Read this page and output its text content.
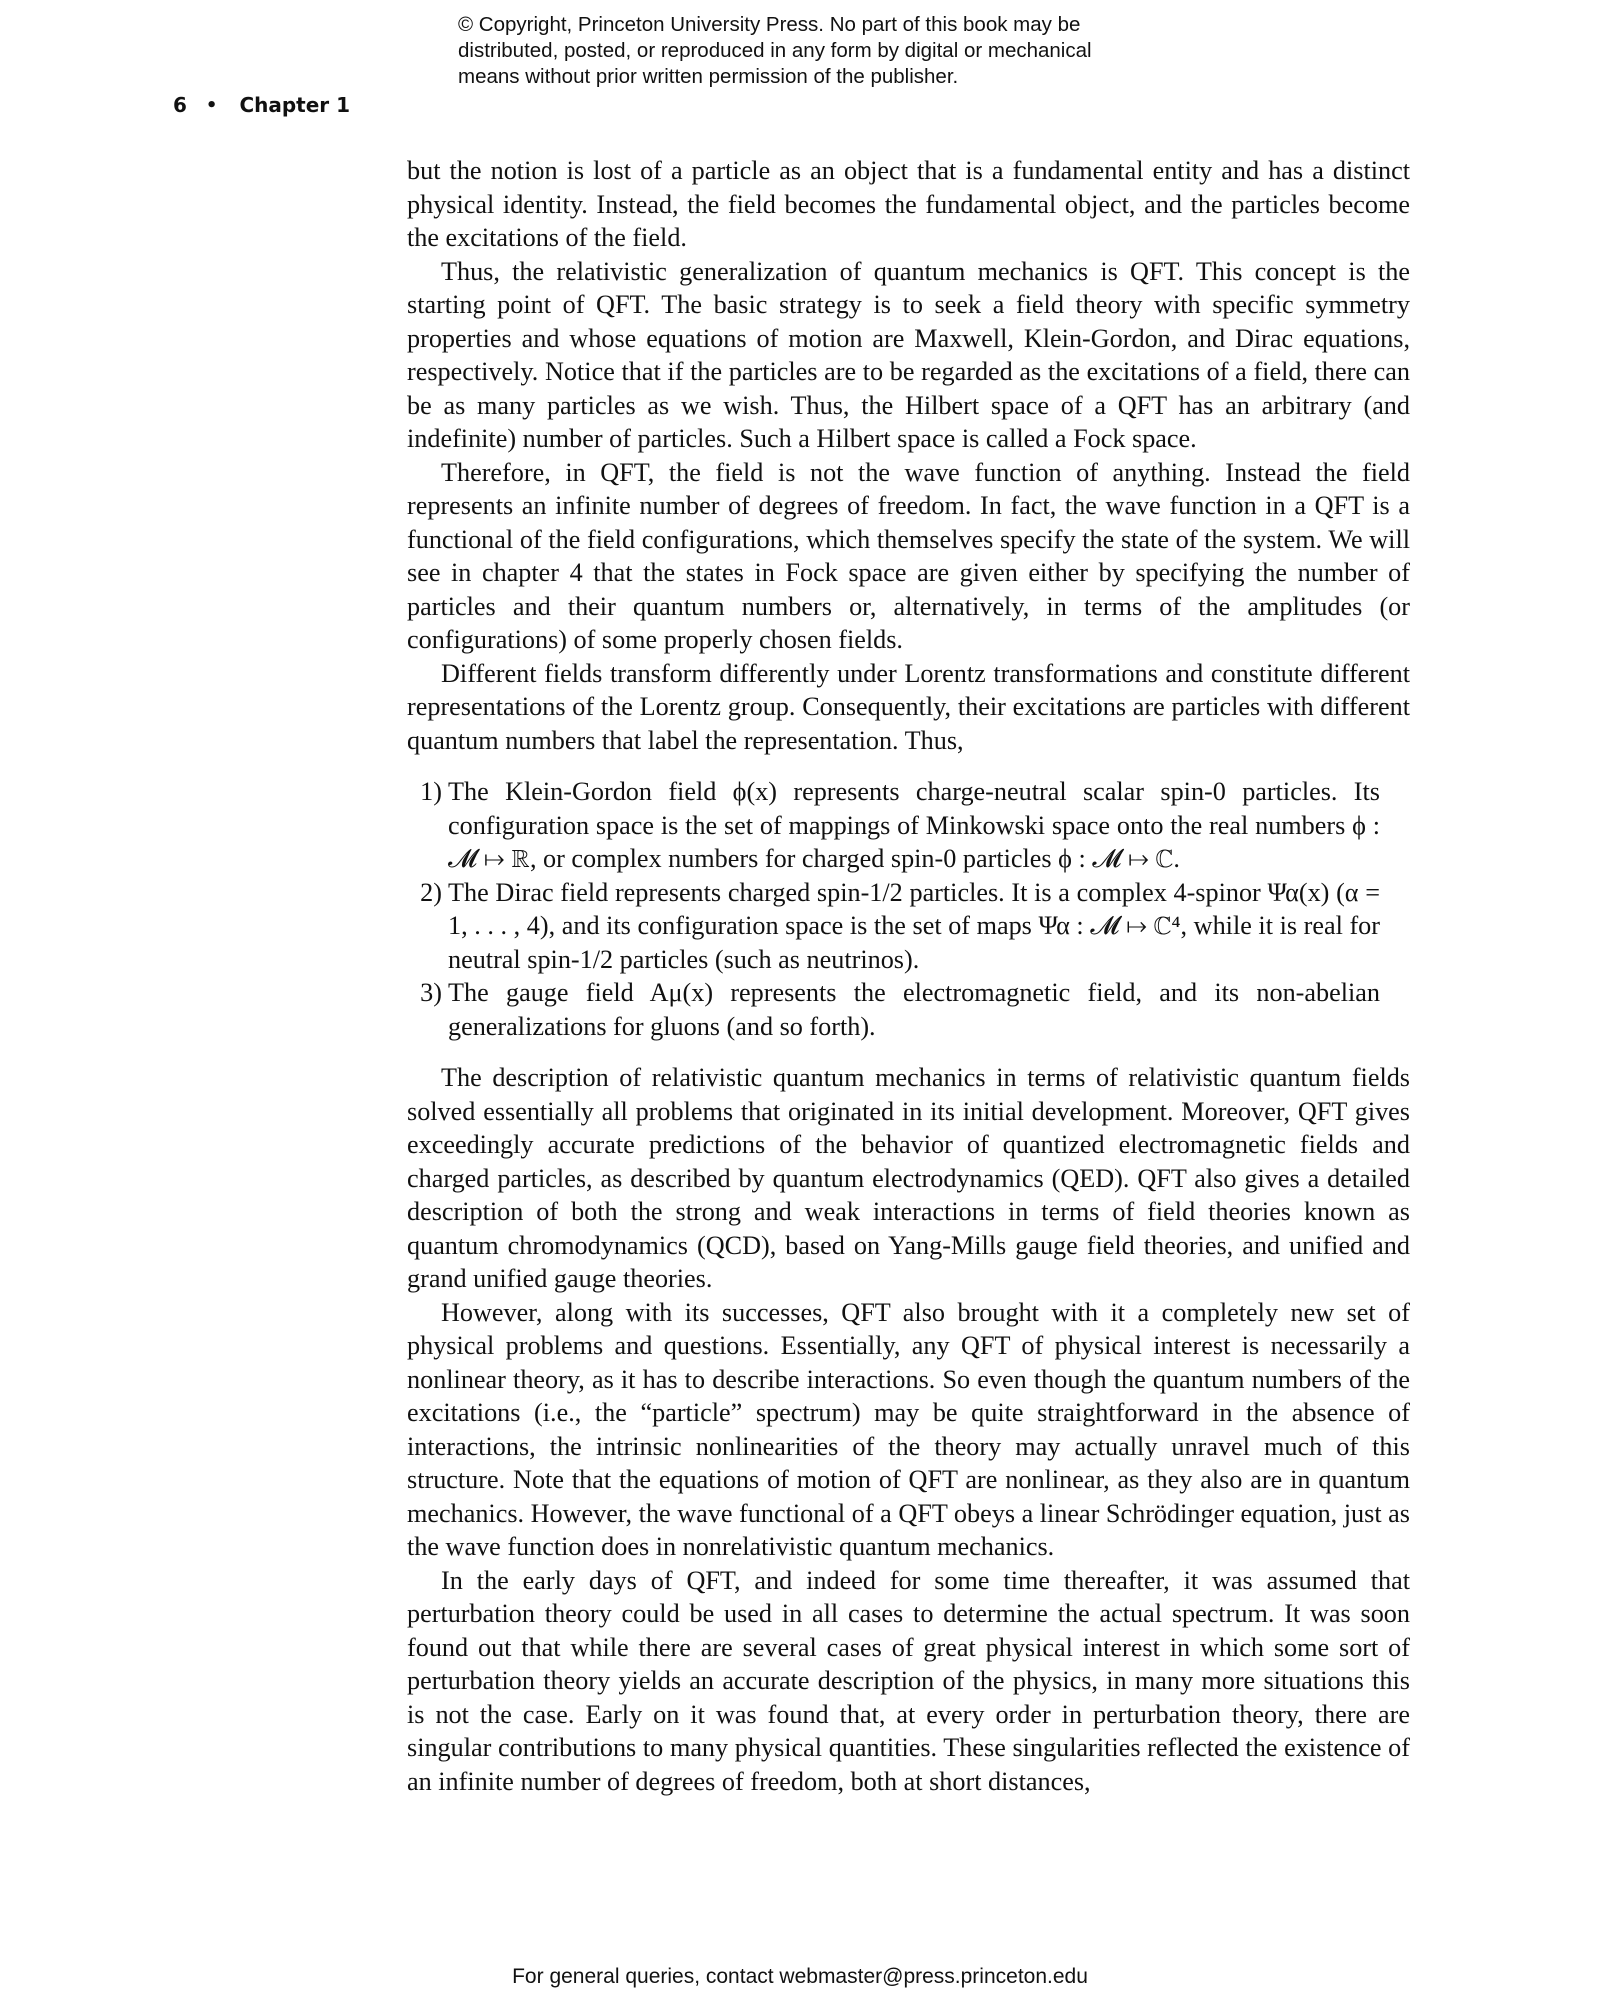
© Copyright, Princeton University Press. No part of this book may be
distributed, posted, or reproduced in any form by digital or mechanical
means without prior written permission of the publisher.
6 • Chapter 1

but the notion is lost of a particle as an object that is a fundamental entity and has a distinct physical identity. Instead, the field becomes the fundamental object, and the particles become the excitations of the field.

Thus, the relativistic generalization of quantum mechanics is QFT. This concept is the starting point of QFT. The basic strategy is to seek a field theory with specific symmetry properties and whose equations of motion are Maxwell, Klein-Gordon, and Dirac equations, respectively. Notice that if the particles are to be regarded as the excitations of a field, there can be as many particles as we wish. Thus, the Hilbert space of a QFT has an arbitrary (and indefinite) number of particles. Such a Hilbert space is called a Fock space.

Therefore, in QFT, the field is not the wave function of anything. Instead the field represents an infinite number of degrees of freedom. In fact, the wave function in a QFT is a functional of the field configurations, which themselves specify the state of the system. We will see in chapter 4 that the states in Fock space are given either by specifying the number of particles and their quantum numbers or, alternatively, in terms of the amplitudes (or configurations) of some properly chosen fields.

Different fields transform differently under Lorentz transformations and constitute different representations of the Lorentz group. Consequently, their excitations are particles with different quantum numbers that label the representation. Thus,

1) The Klein-Gordon field ϕ(x) represents charge-neutral scalar spin-0 particles. Its configuration space is the set of mappings of Minkowski space onto the real numbers ϕ : 𝓜 ↦ ℝ, or complex numbers for charged spin-0 particles ϕ : 𝓜 ↦ ℂ.
2) The Dirac field represents charged spin-1/2 particles. It is a complex 4-spinor Ψα(x) (α = 1, . . . , 4), and its configuration space is the set of maps Ψα : 𝓜 ↦ ℂ⁴, while it is real for neutral spin-1/2 particles (such as neutrinos).
3) The gauge field Aμ(x) represents the electromagnetic field, and its non-abelian generalizations for gluons (and so forth).

The description of relativistic quantum mechanics in terms of relativistic quantum fields solved essentially all problems that originated in its initial development. Moreover, QFT gives exceedingly accurate predictions of the behavior of quantized electromagnetic fields and charged particles, as described by quantum electrodynamics (QED). QFT also gives a detailed description of both the strong and weak interactions in terms of field theories known as quantum chromodynamics (QCD), based on Yang-Mills gauge field theories, and unified and grand unified gauge theories.

However, along with its successes, QFT also brought with it a completely new set of physical problems and questions. Essentially, any QFT of physical interest is necessarily a nonlinear theory, as it has to describe interactions. So even though the quantum numbers of the excitations (i.e., the “particle” spectrum) may be quite straightforward in the absence of interactions, the intrinsic nonlinearities of the theory may actually unravel much of this structure. Note that the equations of motion of QFT are nonlinear, as they also are in quantum mechanics. However, the wave functional of a QFT obeys a linear Schrödinger equation, just as the wave function does in nonrelativistic quantum mechanics.

In the early days of QFT, and indeed for some time thereafter, it was assumed that perturbation theory could be used in all cases to determine the actual spectrum. It was soon found out that while there are several cases of great physical interest in which some sort of perturbation theory yields an accurate description of the physics, in many more situations this is not the case. Early on it was found that, at every order in perturbation theory, there are singular contributions to many physical quantities. These singularities reflected the existence of an infinite number of degrees of freedom, both at short distances,

For general queries, contact webmaster@press.princeton.edu
